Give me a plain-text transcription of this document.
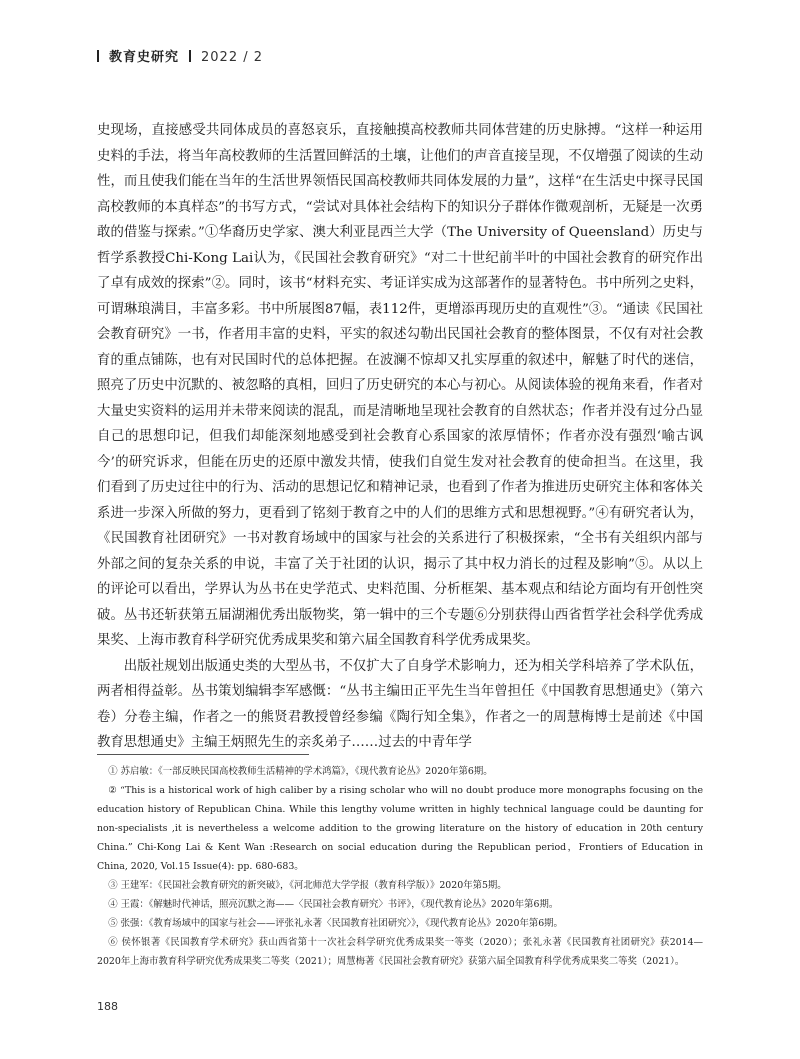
教育史研究 2022 / 2

史现场，直接感受共同体成员的喜怒哀乐，直接触摸高校教师共同体营建的历史脉搏。“这样一种运用史料的手法，将当年高校教师的生活置回鲜活的土壤，让他们的声音直接呈现，不仅增强了阅读的生动性，而且使我们能在当年的生活世界领悟民国高校教师共同体发展的力量”，这样“在生活史中探寻民国高校教师的本真样态”的书写方式，“尝试对具体社会结构下的知识分子群体作微观剖析，无疑是一次勇敢的借鉴与探索。”①华裔历史学家、澳大利亚昆西兰大学（The University of Queensland）历史与哲学系教授Chi-Kong Lai认为，《民国社会教育研究》“对二十世纪前半叶的中国社会教育的研究作出了卓有成效的探索”②。同时，该书“材料充实、考证详实成为这部著作的显著特色。书中所列之史料，可谓琳琅满目，丰富多彩。书中所展图87幅，表112件，更增添再现历史的直观性”③。“通读《民国社会教育研究》一书，作者用丰富的史料，平实的叙述勾勒出民国社会教育的整体图景，不仅有对社会教育的重点铺陈，也有对民国时代的总体把握。在波澜不惊却又扎实厚重的叙述中，解魅了时代的迷信，照亮了历史中沉默的、被忽略的真相，回归了历史研究的本心与初心。从阅读体验的视角来看，作者对大量史实资料的运用并未带来阅读的混乱，而是清晰地呈现社会教育的自然状态；作者并没有过分凸显自己的思想印记，但我们却能深刻地感受到社会教育心系国家的浓厚情怀；作者亦没有强烈‘喻古讽今’的研究诉求，但能在历史的还原中激发共情，使我们自觉生发对社会教育的使命担当。在这里，我们看到了历史过往中的行为、活动的思想记忆和精神记录，也看到了作者为推进历史研究主体和客体关系进一步深入所做的努力，更看到了铭刻于教育之中的人们的思维方式和思想视野。”④有研究者认为，《民国教育社团研究》一书对教育场域中的国家与社会的关系进行了积极探索，“全书有关组织内部与外部之间的复杂关系的申说，丰富了关于社团的认识，揭示了其中权力消长的过程及影响”⑤。从以上的评论可以看出，学界认为丛书在史学范式、史料范围、分析框架、基本观点和结论方面均有开创性突破。丛书还斩获第五届湖湘优秀出版物奖，第一辑中的三个专题⑥分别获得山西省哲学社会科学优秀成果奖、上海市教育科学研究优秀成果奖和第六届全国教育科学优秀成果奖。

出版社规划出版通史类的大型丛书，不仅扩大了自身学术影响力，还为相关学科培养了学术队伍，两者相得益彰。丛书策划编辑李军感慨：“丛书主编田正平先生当年曾担任《中国教育思想通史》（第六卷）分卷主编，作者之一的熊贤君教授曾经参编《陶行知全集》，作者之一的周慧梅博士是前述《中国教育思想通史》主编王炳照先生的亲炙弟子……过去的中青年学

① 苏启敏：《一部反映民国高校教师生活精神的学术鸿篇》，《现代教育论丛》2020年第6期。

② “This is a historical work of high caliber by a rising scholar who will no doubt produce more monographs focusing on the education history of Republican China. While this lengthy volume written in highly technical language could be daunting for non-specialists ,it is nevertheless a welcome addition to the growing literature on the history of education in 20th century China.” Chi-Kong Lai & Kent Wan :Research on social education during the Republican period，Frontiers of Education in China, 2020, Vol.15 Issue(4): pp. 680-683。

③ 王建军：《民国社会教育研究的新突破》，《河北师范大学学报（教育科学版）》2020年第5期。

④ 王霞：《解魅时代神话，照亮沉默之海——〈民国社会教育研究〉书评》，《现代教育论丛》2020年第6期。

⑤ 张强：《教育场域中的国家与社会——评张礼永著〈民国教育社团研究〉》，《现代教育论丛》2020年第6期。

⑥ 侯怀银著《民国教育学术研究》获山西省第十一次社会科学研究优秀成果奖一等奖（2020）；张礼永著《民国教育社团研究》获2014—2020年上海市教育科学研究优秀成果奖二等奖（2021）；周慧梅著《民国社会教育研究》获第六届全国教育科学优秀成果奖二等奖（2021）。

188
